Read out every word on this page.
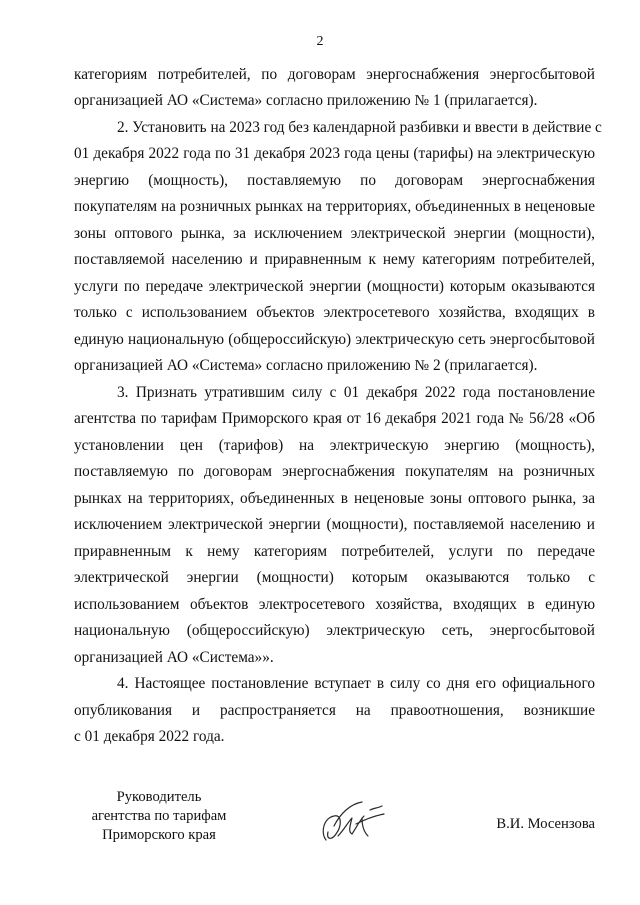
2
категориям потребителей, по договорам энергоснабжения энергосбытовой
организацией АО «Система» согласно приложению № 1 (прилагается).
2. Установить на 2023 год без календарной разбивки и ввести в действие с
01 декабря 2022 года по 31 декабря 2023 года цены (тарифы) на электрическую
энергию (мощность), поставляемую по договорам энергоснабжения
покупателям на розничных рынках на территориях, объединенных в неценовые
зоны оптового рынка, за исключением электрической энергии (мощности),
поставляемой населению и приравненным к нему категориям потребителей,
услуги по передаче электрической энергии (мощности) которым оказываются
только с использованием объектов электросетевого хозяйства, входящих в
единую национальную (общероссийскую) электрическую сеть энергосбытовой
организацией АО «Система» согласно приложению № 2 (прилагается).
3. Признать утратившим силу с 01 декабря 2022 года постановление
агентства по тарифам Приморского края от 16 декабря 2021 года № 56/28 «Об
установлении цен (тарифов) на электрическую энергию (мощность),
поставляемую по договорам энергоснабжения покупателям на розничных
рынках на территориях, объединенных в неценовые зоны оптового рынка, за
исключением электрической энергии (мощности), поставляемой населению и
приравненным к нему категориям потребителей, услуги по передаче
электрической энергии (мощности) которым оказываются только с
использованием объектов электросетевого хозяйства, входящих в единую
национальную (общероссийскую) электрическую сеть, энергосбытовой
организацией АО «Система»».
4. Настоящее постановление вступает в силу со дня его официального
опубликования и распространяется на правоотношения, возникшие
с 01 декабря 2022 года.
Руководитель
агентства по тарифам
Приморского края
В.И. Мосензова
